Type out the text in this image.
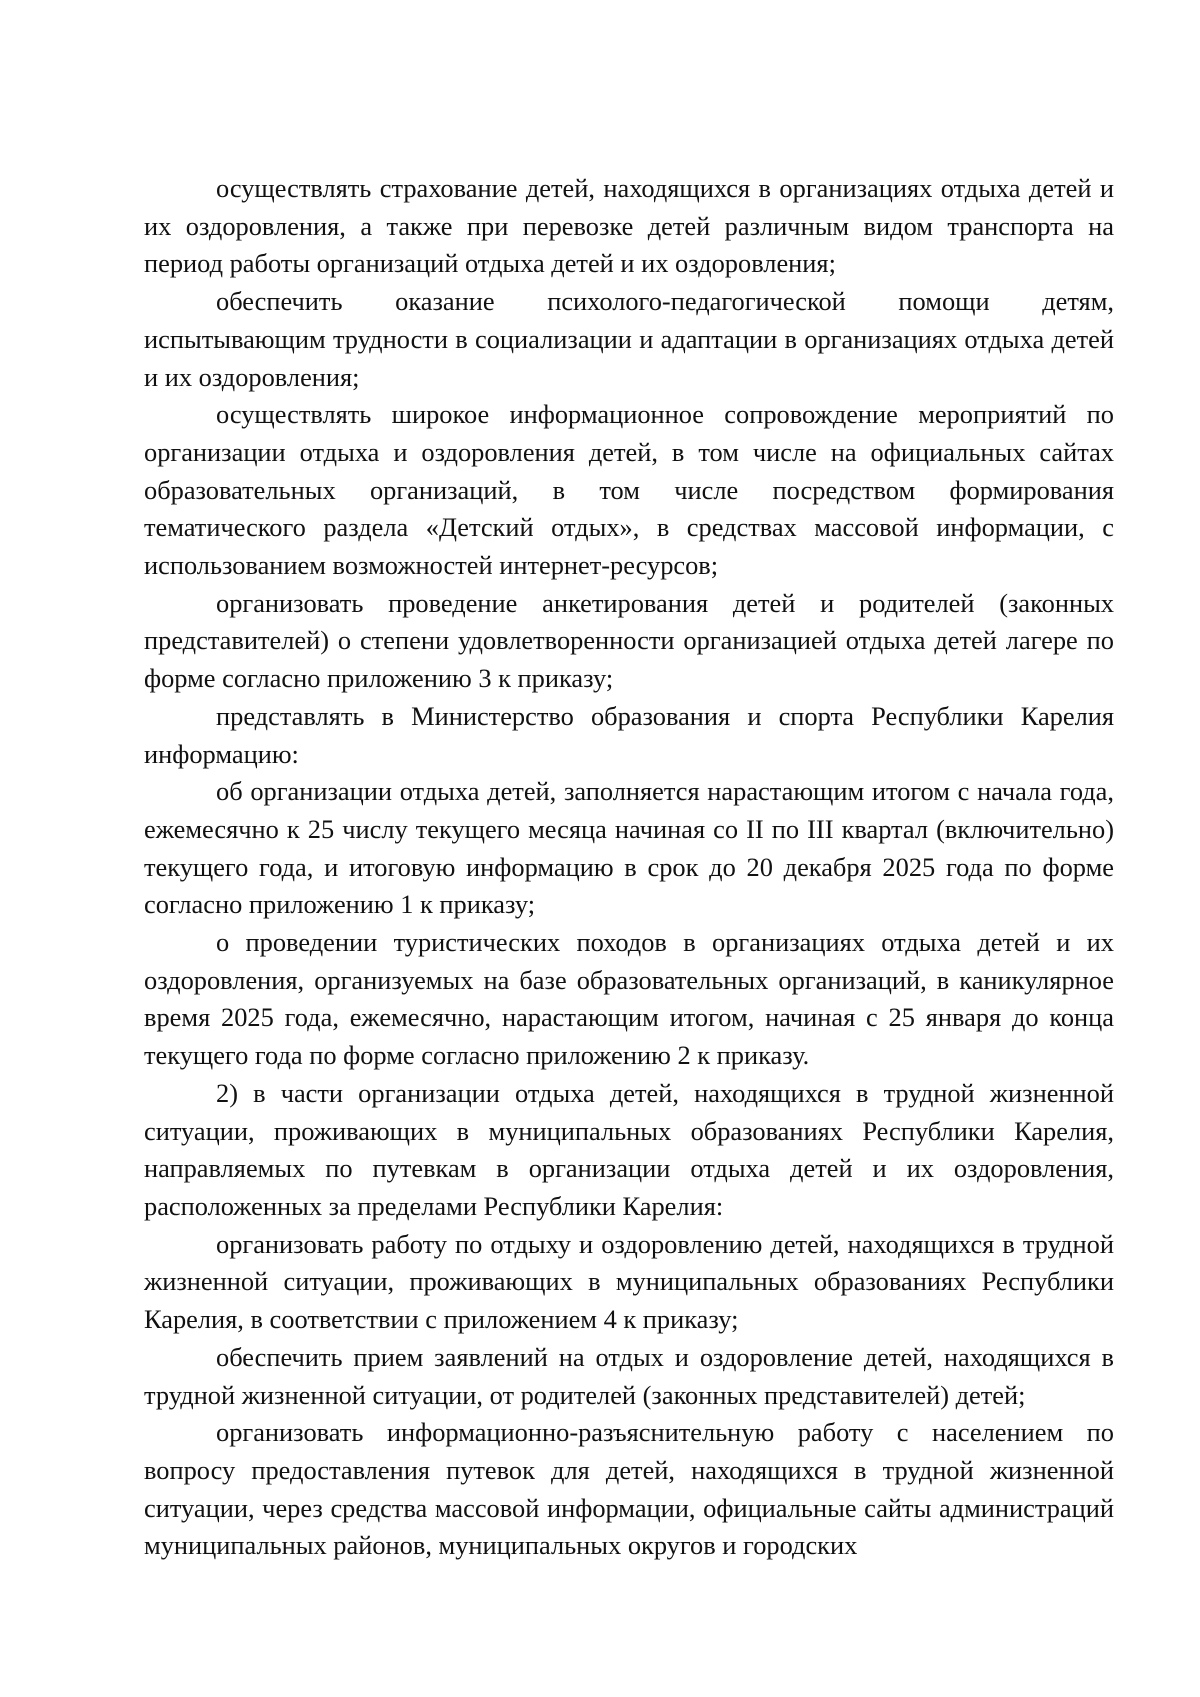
осуществлять страхование детей, находящихся в организациях отдыха детей и их оздоровления, а также при перевозке детей различным видом транспорта на период работы организаций отдыха детей и их оздоровления;

обеспечить оказание психолого-педагогической помощи детям, испытывающим трудности в социализации и адаптации в организациях отдыха детей и их оздоровления;

осуществлять широкое информационное сопровождение мероприятий по организации отдыха и оздоровления детей, в том числе на официальных сайтах образовательных организаций, в том числе посредством формирования тематического раздела «Детский отдых», в средствах массовой информации, с использованием возможностей интернет-ресурсов;

организовать проведение анкетирования детей и родителей (законных представителей) о степени удовлетворенности организацией отдыха детей лагере по форме согласно приложению 3 к приказу;

представлять в Министерство образования и спорта Республики Карелия информацию:

об организации отдыха детей, заполняется нарастающим итогом с начала года, ежемесячно к 25 числу текущего месяца начиная со II по III квартал (включительно) текущего года, и итоговую информацию в срок до 20 декабря 2025 года по форме согласно приложению 1 к приказу;

о проведении туристических походов в организациях отдыха детей и их оздоровления, организуемых на базе образовательных организаций, в каникулярное время 2025 года, ежемесячно, нарастающим итогом, начиная с 25 января до конца текущего года по форме согласно приложению 2 к приказу.

2) в части организации отдыха детей, находящихся в трудной жизненной ситуации, проживающих в муниципальных образованиях Республики Карелия, направляемых по путевкам в организации отдыха детей и их оздоровления, расположенных за пределами Республики Карелия:

организовать работу по отдыху и оздоровлению детей, находящихся в трудной жизненной ситуации, проживающих в муниципальных образованиях Республики Карелия, в соответствии с приложением 4 к приказу;

обеспечить прием заявлений на отдых и оздоровление детей, находящихся в трудной жизненной ситуации, от родителей (законных представителей) детей;

организовать информационно-разъяснительную работу с населением по вопросу предоставления путевок для детей, находящихся в трудной жизненной ситуации, через средства массовой информации, официальные сайты администраций муниципальных районов, муниципальных округов и городских
